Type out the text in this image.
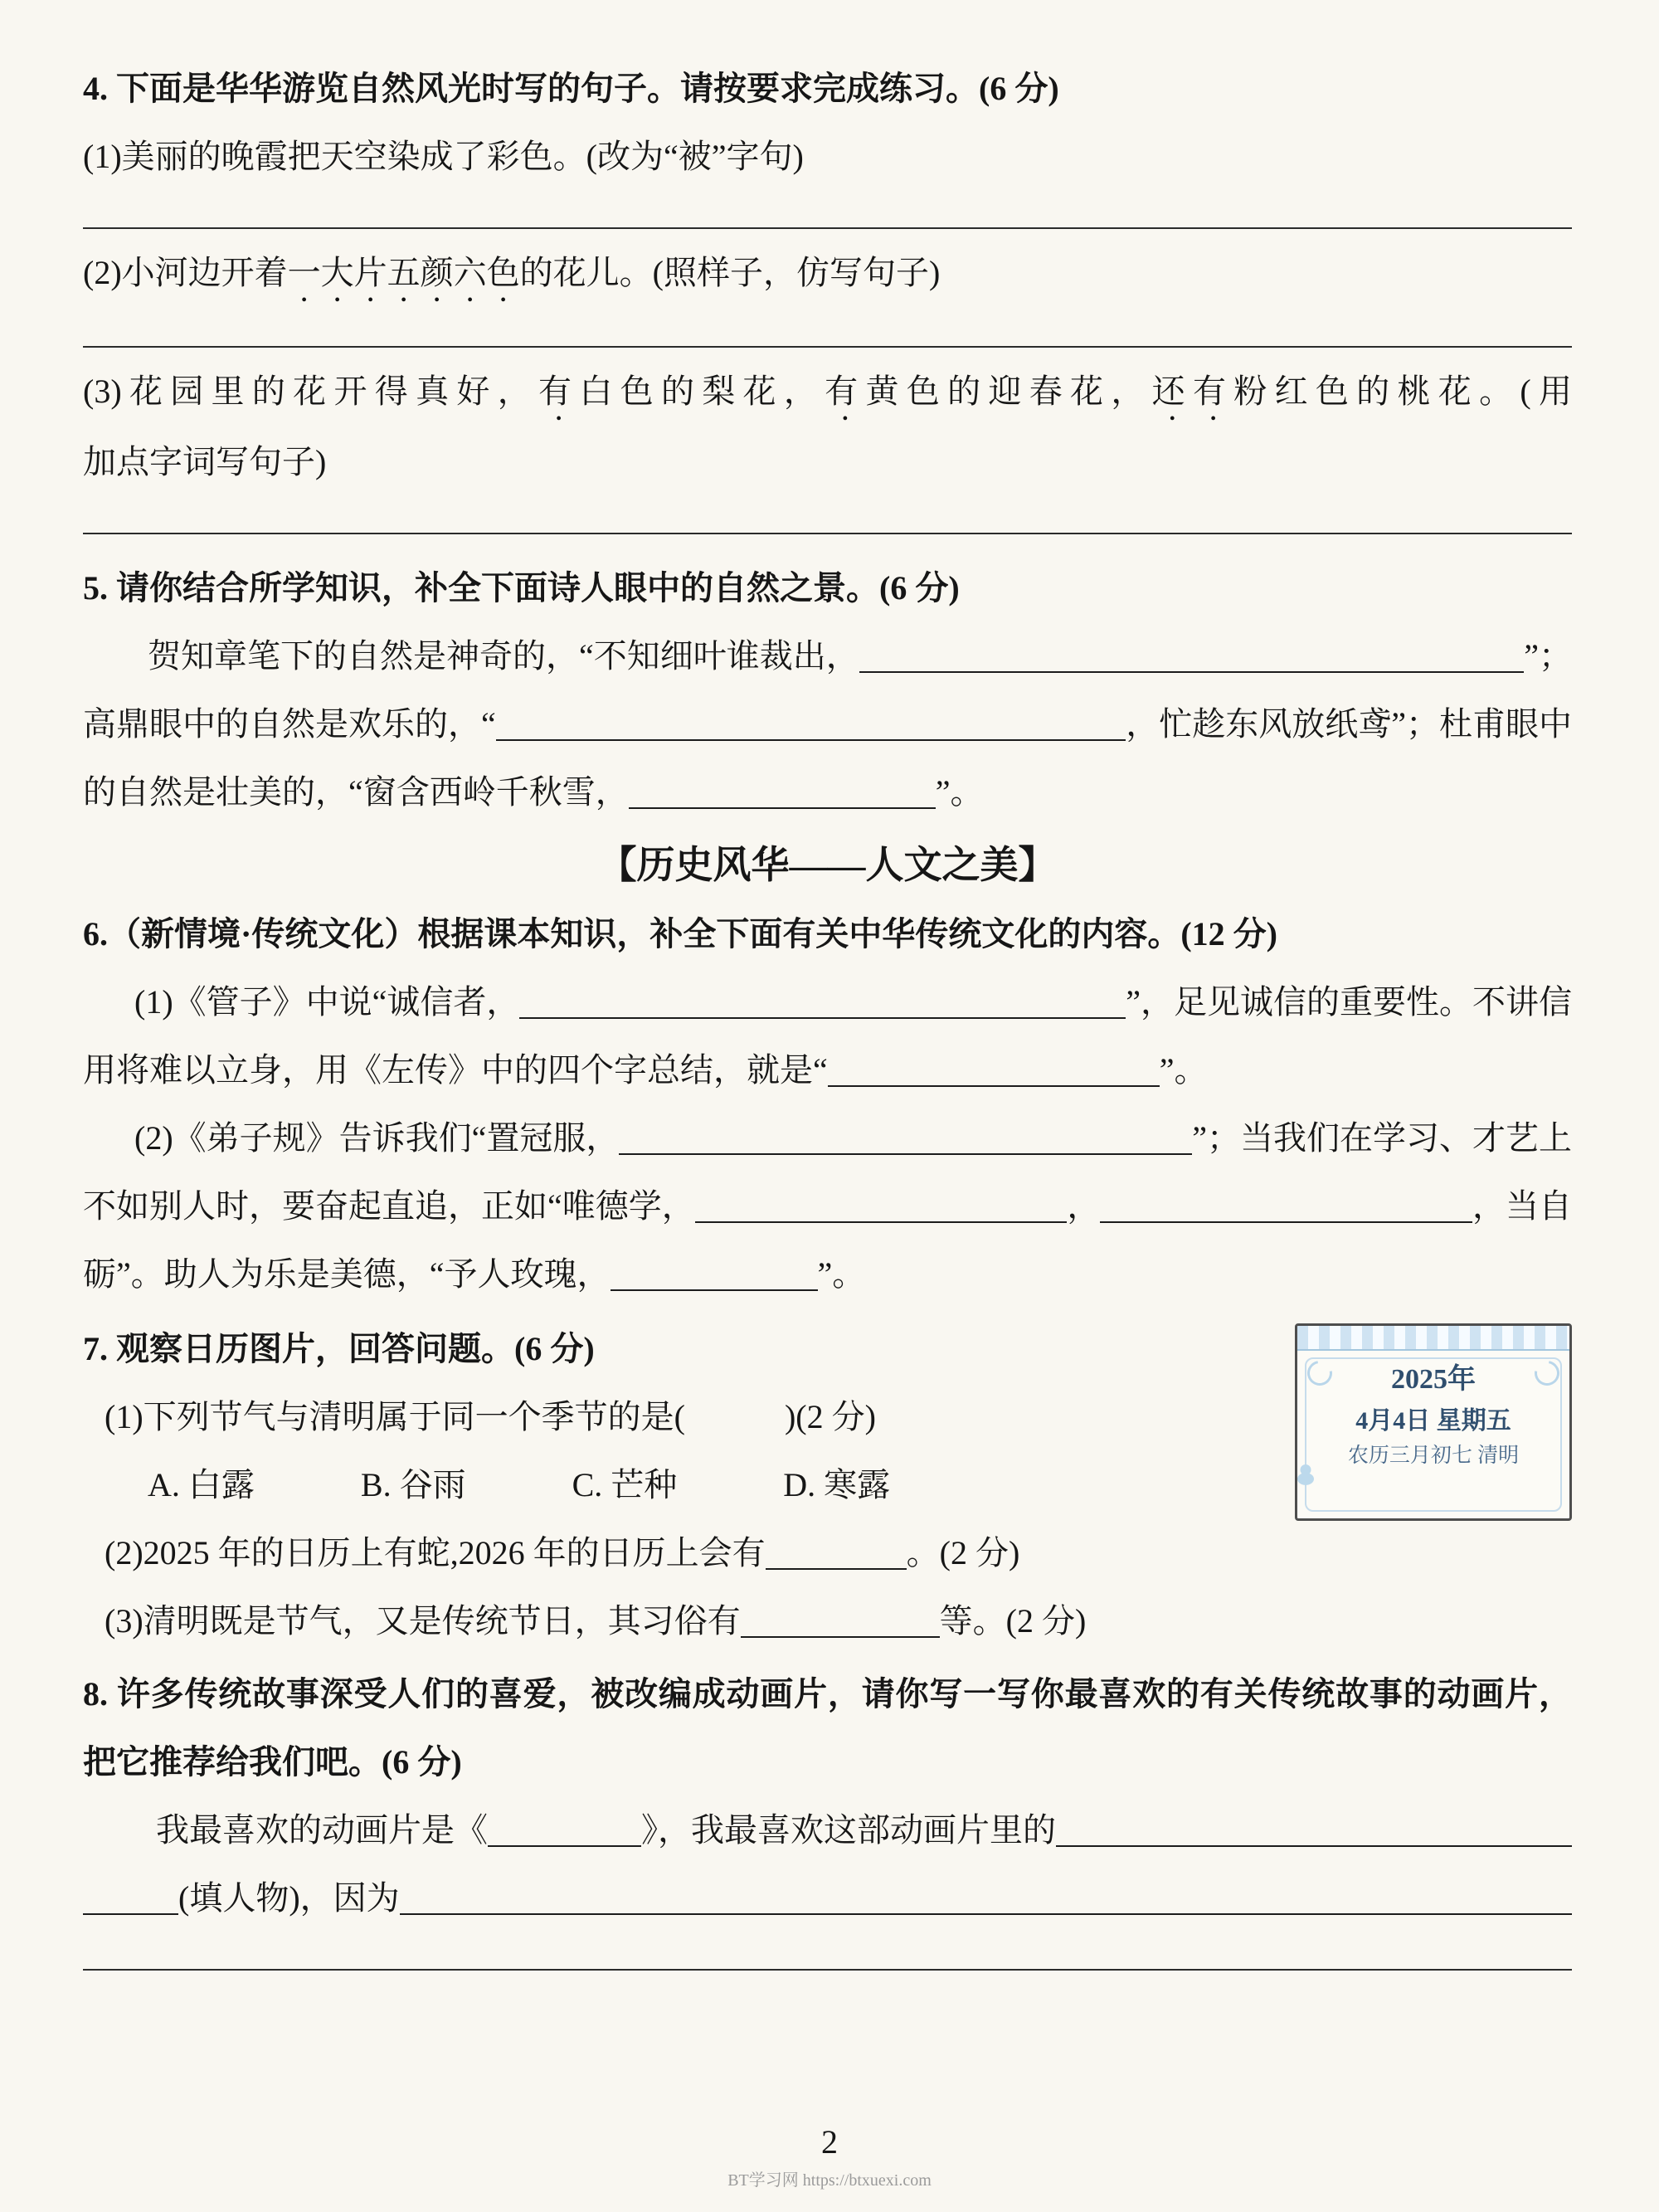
4. 下面是华华游览自然风光时写的句子。请按要求完成练习。(6 分)
(1)美丽的晚霞把天空染成了彩色。(改为“被”字句)
(2)小河边开着一大片五颜六色的花儿。(照样子，仿写句子)
(3)花园里的花开得真好，有白色的梨花，有黄色的迎春花，还有粉红色的桃花。(用
加点字词写句子)
5. 请你结合所学知识，补全下面诗人眼中的自然之景。(6 分)
贺知章笔下的自然是神奇的，“不知细叶谁裁出，	”；
高鼎眼中的自然是欢乐的，“	，忙趁东风放纸鸢”；杜甫眼中
的自然是壮美的，“窗含西岭千秋雪，	”。
【历史风华——人文之美】
6.（新情境·传统文化）根据课本知识，补全下面有关中华传统文化的内容。(12 分)
(1)《管子》中说“诚信者，	”，足见诚信的重要性。不讲信
用将难以立身，用《左传》中的四个字总结，就是“	”。
(2)《弟子规》告诉我们“置冠服，	”；当我们在学习、才艺上
不如别人时，要奋起直追，正如“唯德学，	，	，当自
砺”。助人为乐是美德，“予人玫瑰，	”。
2025年
4月4日 星期五
农历三月初七 清明
7. 观察日历图片，回答问题。(6 分)
(1)下列节气与清明属于同一个季节的是(　　　)(2 分)
A. 白露	B. 谷雨	C. 芒种	D. 寒露
(2)2025 年的日历上有蛇,2026 年的日历上会有	。(2 分)
(3)清明既是节气，又是传统节日，其习俗有	等。(2 分)
8. 许多传统故事深受人们的喜爱，被改编成动画片，请你写一写你最喜欢的有关传统故事的动画片，把它推荐给我们吧。(6 分)
我最喜欢的动画片是《	》，我最喜欢这部动画片里的
(填人物)，因为
2
BT学习网 https://btxuexi.com
